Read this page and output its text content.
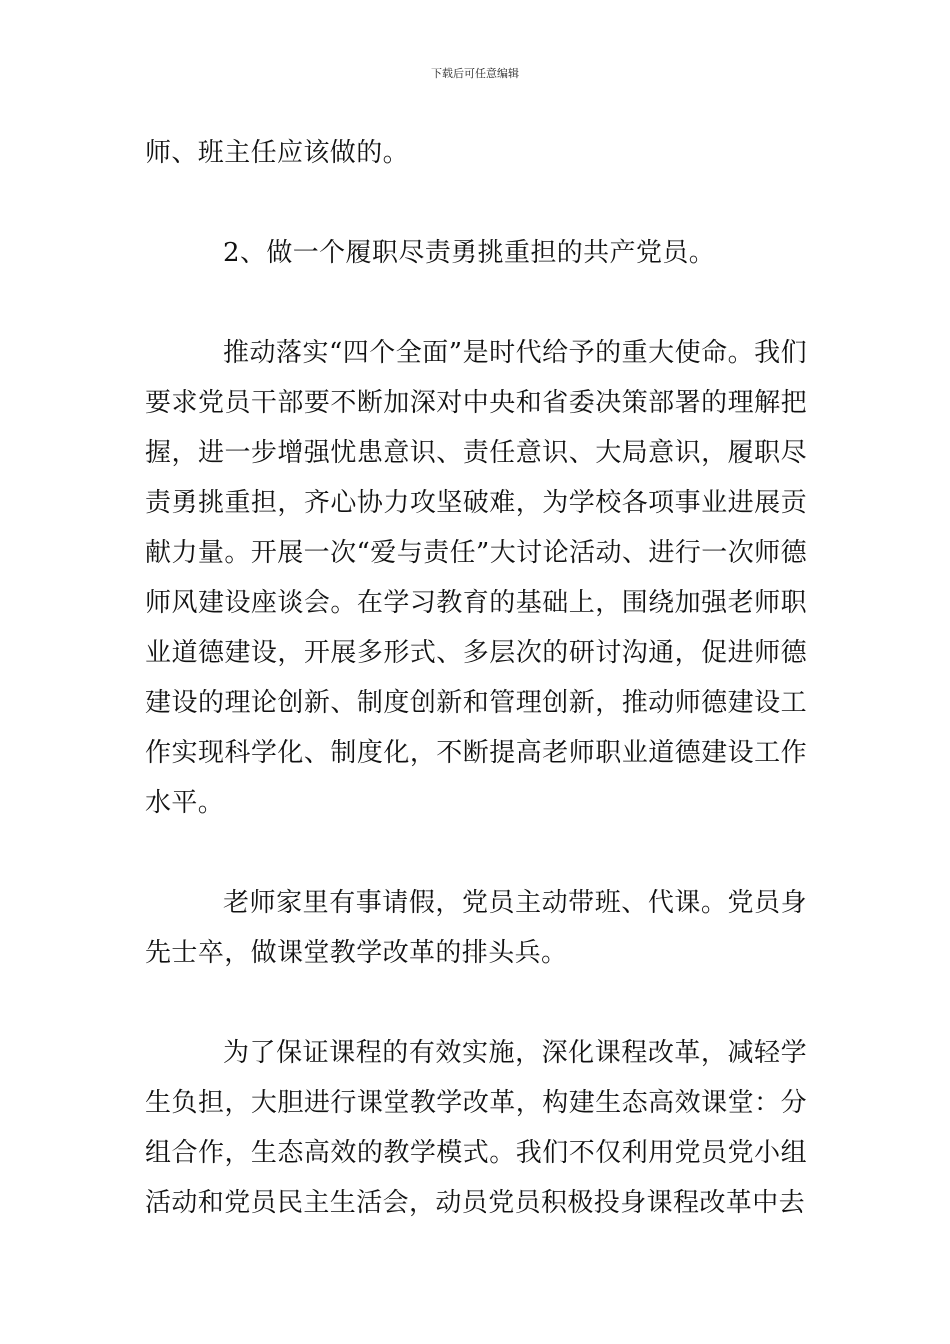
下载后可任意编辑

师、班主任应该做的。

2、做一个履职尽责勇挑重担的共产党员。

推动落实“四个全面”是时代给予的重大使命。我们要求党员干部要不断加深对中央和省委决策部署的理解把握，进一步增强忧患意识、责任意识、大局意识，履职尽责勇挑重担，齐心协力攻坚破难，为学校各项事业进展贡献力量。开展一次“爱与责任”大讨论活动、进行一次师德师风建设座谈会。在学习教育的基础上，围绕加强老师职业道德建设，开展多形式、多层次的研讨沟通，促进师德建设的理论创新、制度创新和管理创新，推动师德建设工作实现科学化、制度化，不断提高老师职业道德建设工作水平。

老师家里有事请假，党员主动带班、代课。党员身先士卒，做课堂教学改革的排头兵。

为了保证课程的有效实施，深化课程改革，减轻学生负担，大胆进行课堂教学改革，构建生态高效课堂：分组合作，生态高效的教学模式。我们不仅利用党员党小组活动和党员民主生活会，动员党员积极投身课程改革中去
